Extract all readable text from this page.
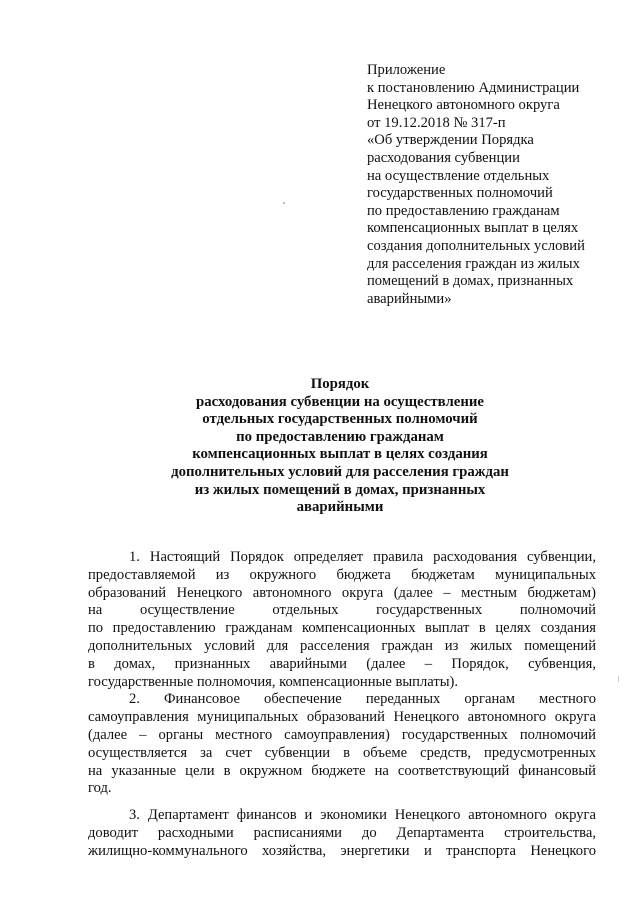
Приложение
к постановлению Администрации
Ненецкого автономного округа
от 19.12.2018 № 317-п
«Об утверждении Порядка
расходования субвенции
на осуществление отдельных
государственных полномочий
по предоставлению гражданам
компенсационных выплат в целях
создания дополнительных условий
для расселения граждан из жилых
помещений в домах, признанных
аварийными»
Порядок
расходования субвенции на осуществление
отдельных государственных полномочий
по предоставлению гражданам
компенсационных выплат в целях создания
дополнительных условий для расселения граждан
из жилых помещений в домах, признанных
аварийными
1. Настоящий Порядок определяет правила расходования субвенции,
предоставляемой из окружного бюджета бюджетам муниципальных
образований Ненецкого автономного округа (далее – местным бюджетам)
на осуществление отдельных государственных полномочий
по предоставлению гражданам компенсационных выплат в целях создания
дополнительных условий для расселения граждан из жилых помещений
в домах, признанных аварийными (далее – Порядок, субвенция,
государственные полномочия, компенсационные выплаты).
2. Финансовое обеспечение переданных органам местного
самоуправления муниципальных образований Ненецкого автономного округа
(далее – органы местного самоуправления) государственных полномочий
осуществляется за счет субвенции в объеме средств, предусмотренных
на указанные цели в окружном бюджете на соответствующий финансовый
год.
3. Департамент финансов и экономики Ненецкого автономного округа
доводит расходными расписаниями до Департамента строительства,
жилищно-коммунального хозяйства, энергетики и транспорта Ненецкого
